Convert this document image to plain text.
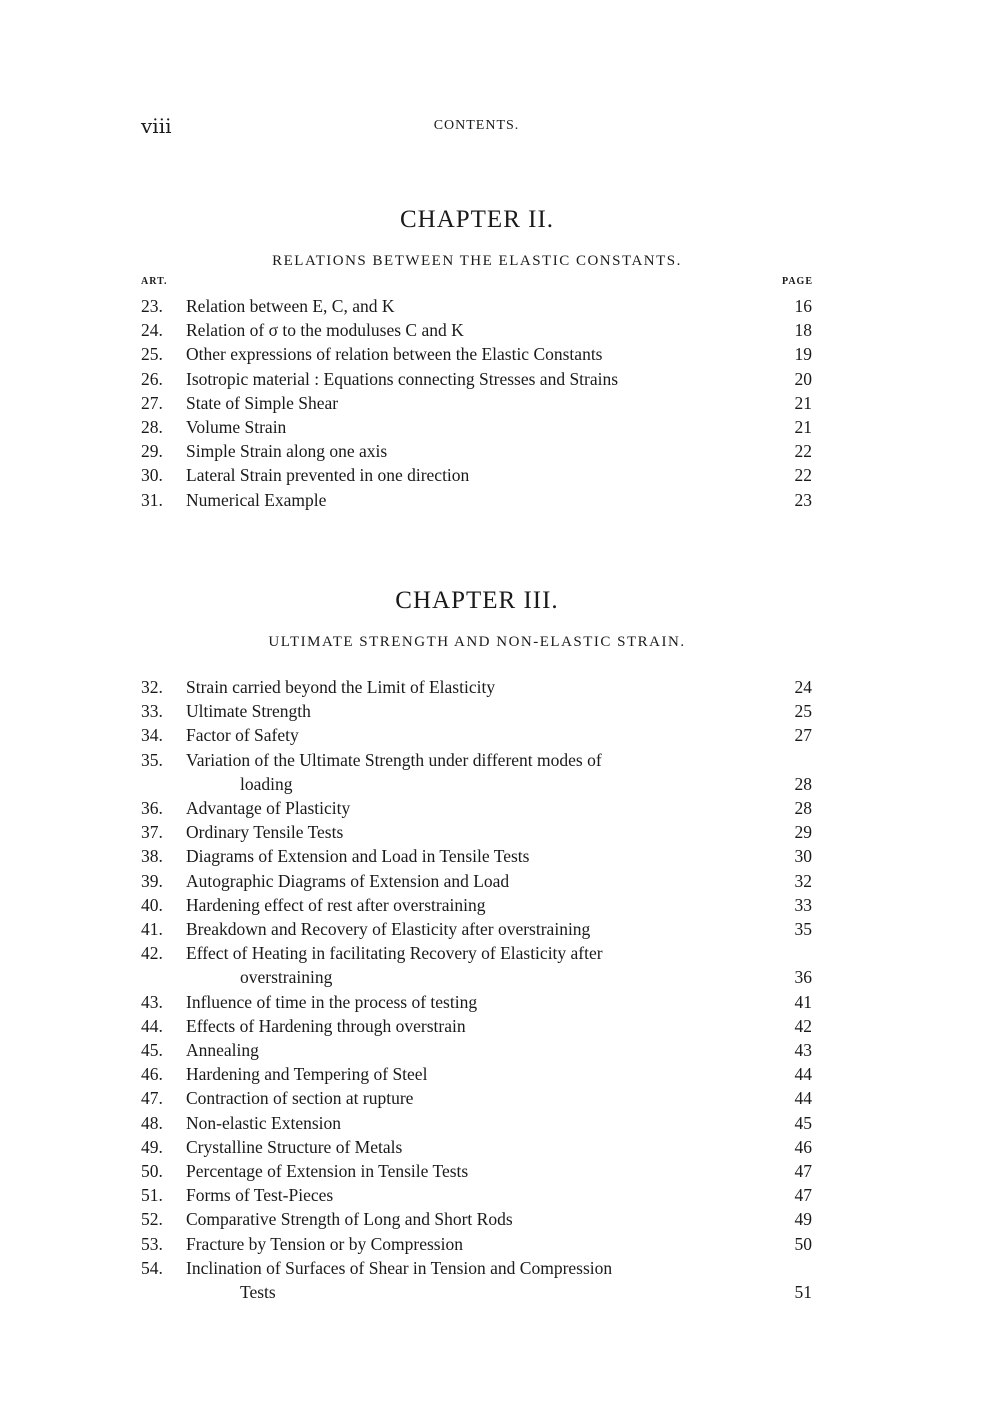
viii	CONTENTS.
CHAPTER II.
RELATIONS BETWEEN THE ELASTIC CONSTANTS.
ART.	PAGE
23.	Relation between E, C, and K	16
24.	Relation of σ to the moduluses C and K	18
25.	Other expressions of relation between the Elastic Constants	19
26.	Isotropic material : Equations connecting Stresses and Strains	20
27.	State of Simple Shear	21
28.	Volume Strain	21
29.	Simple Strain along one axis	22
30.	Lateral Strain prevented in one direction	22
31.	Numerical Example	23
CHAPTER III.
ULTIMATE STRENGTH AND NON-ELASTIC STRAIN.
32.	Strain carried beyond the Limit of Elasticity	24
33.	Ultimate Strength	25
34.	Factor of Safety	27
35.	Variation of the Ultimate Strength under different modes of
loading	28
36.	Advantage of Plasticity	28
37.	Ordinary Tensile Tests	29
38.	Diagrams of Extension and Load in Tensile Tests	30
39.	Autographic Diagrams of Extension and Load	32
40.	Hardening effect of rest after overstraining	33
41.	Breakdown and Recovery of Elasticity after overstraining	35
42.	Effect of Heating in facilitating Recovery of Elasticity after
overstraining	36
43.	Influence of time in the process of testing	41
44.	Effects of Hardening through overstrain	42
45.	Annealing	43
46.	Hardening and Tempering of Steel	44
47.	Contraction of section at rupture	44
48.	Non-elastic Extension	45
49.	Crystalline Structure of Metals	46
50.	Percentage of Extension in Tensile Tests	47
51.	Forms of Test-Pieces	47
52.	Comparative Strength of Long and Short Rods	49
53.	Fracture by Tension or by Compression	50
54.	Inclination of Surfaces of Shear in Tension and Compression
Tests	51
